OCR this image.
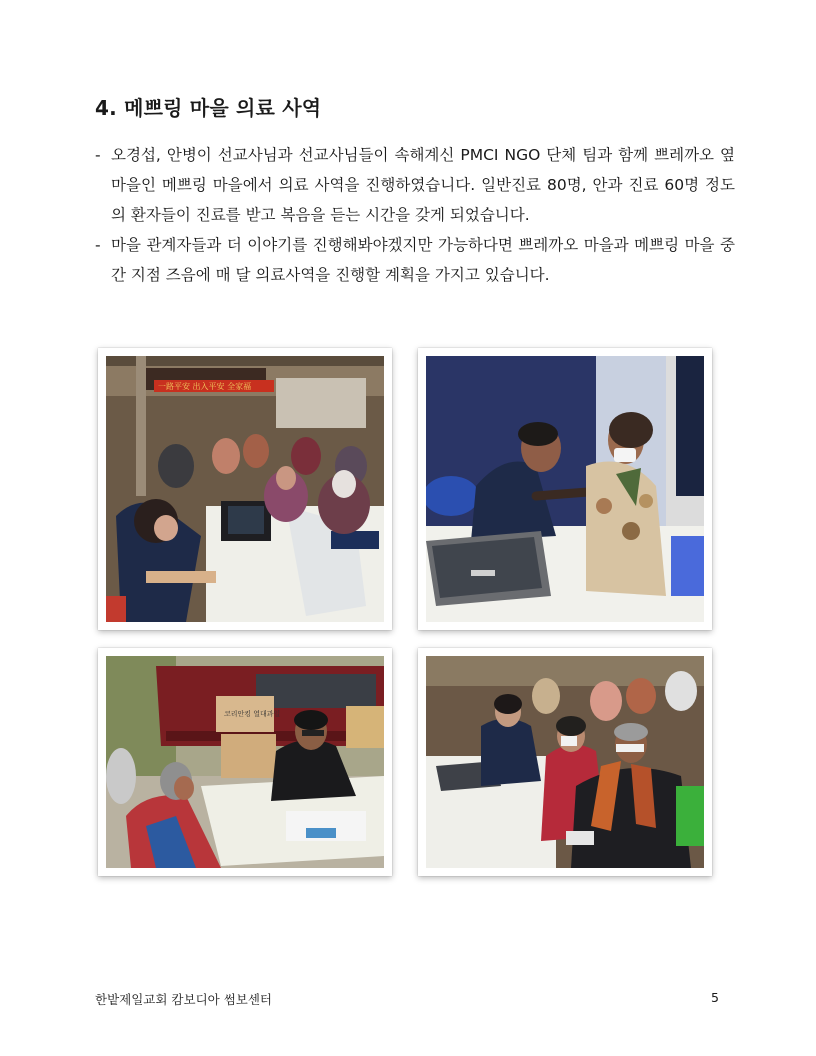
4. 메쁘링 마을 의료 사역
- 오경섭, 안병이 선교사님과 선교사님들이 속해계신 PMCI NGO 단체 팀과 함께 쁘레까오 옆 마을인 메쁘링 마을에서 의료 사역을 진행하였습니다. 일반진료 80명, 안과 진료 60명 정도의 환자들이 진료를 받고 복음을 듣는 시간을 갖게 되었습니다.
- 마을 관계자들과 더 이야기를 진행해봐야겠지만 가능하다면 쁘레까오 마을과 메쁘링 마을 중간 지점 즈음에 매 달 의료사역을 진행할 계획을 가지고 있습니다.
一路平安 出入平安 全家福
코리안킹 열대과일
한밭제일교회 캄보디아 썸보센터	5
